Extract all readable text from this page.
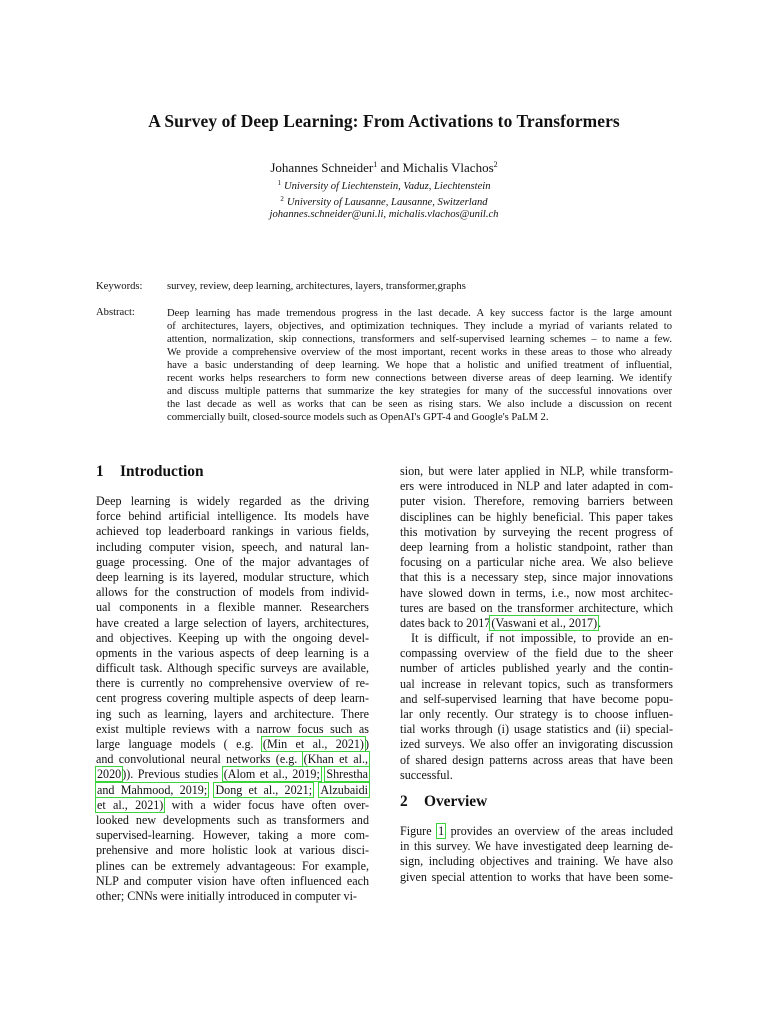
A Survey of Deep Learning: From Activations to Transformers
Johannes Schneider$^1$ and Michalis Vlachos$^2$
$^1$ University of Liechtenstein, Vaduz, Liechtenstein
$^2$ University of Lausanne, Lausanne, Switzerland
johannes.schneider@uni.li, michalis.vlachos@unil.ch
Keywords: survey, review, deep learning, architectures, layers, transformer,graphs
Abstract:	Deep learning has made tremendous progress in the last decade. A key success factor is the large amount
of architectures, layers, objectives, and optimization techniques. They include a myriad of variants related to
attention, normalization, skip connections, transformers and self-supervised learning schemes – to name a few.
We provide a comprehensive overview of the most important, recent works in these areas to those who already
have a basic understanding of deep learning. We hope that a holistic and unified treatment of influential,
recent works helps researchers to form new connections between diverse areas of deep learning. We identify
and discuss multiple patterns that summarize the key strategies for many of the successful innovations over
the last decade as well as works that can be seen as rising stars. We also include a discussion on recent
commercially built, closed-source models such as OpenAI's GPT-4 and Google's PaLM 2.
1 Introduction
Deep learning is widely regarded as the driving
force behind artificial intelligence. Its models have
achieved top leaderboard rankings in various fields,
including computer vision, speech, and natural lan-
guage processing. One of the major advantages of
deep learning is its layered, modular structure, which
allows for the construction of models from individ-
ual components in a flexible manner. Researchers
have created a large selection of layers, architectures,
and objectives. Keeping up with the ongoing devel-
opments in the various aspects of deep learning is a
difficult task. Although specific surveys are available,
there is currently no comprehensive overview of re-
cent progress covering multiple aspects of deep learn-
ing such as learning, layers and architecture. There
exist multiple reviews with a narrow focus such as
large language models ( e.g. (Min et al., 2021))
and convolutional neural networks (e.g. (Khan et al.,
2020)). Previous studies (Alom et al., 2019; Shrestha
and Mahmood, 2019; Dong et al., 2021; Alzubaidi
et al., 2021) with a wider focus have often over-
looked new developments such as transformers and
supervised-learning. However, taking a more com-
prehensive and more holistic look at various disci-
plines can be extremely advantageous: For example,
NLP and computer vision have often influenced each
other; CNNs were initially introduced in computer vi-
sion, but were later applied in NLP, while transform-
ers were introduced in NLP and later adapted in com-
puter vision. Therefore, removing barriers between
disciplines can be highly beneficial. This paper takes
this motivation by surveying the recent progress of
deep learning from a holistic standpoint, rather than
focusing on a particular niche area. We also believe
that this is a necessary step, since major innovations
have slowed down in terms, i.e., now most architec-
tures are based on the transformer architecture, which
dates back to 2017(Vaswani et al., 2017).
It is difficult, if not impossible, to provide an en-
compassing overview of the field due to the sheer
number of articles published yearly and the contin-
ual increase in relevant topics, such as transformers
and self-supervised learning that have become popu-
lar only recently. Our strategy is to choose influen-
tial works through (i) usage statistics and (ii) special-
ized surveys. We also offer an invigorating discussion
of shared design patterns across areas that have been
successful.
2 Overview
Figure 1 provides an overview of the areas included
in this survey. We have investigated deep learning de-
sign, including objectives and training. We have also
given special attention to works that have been some-
